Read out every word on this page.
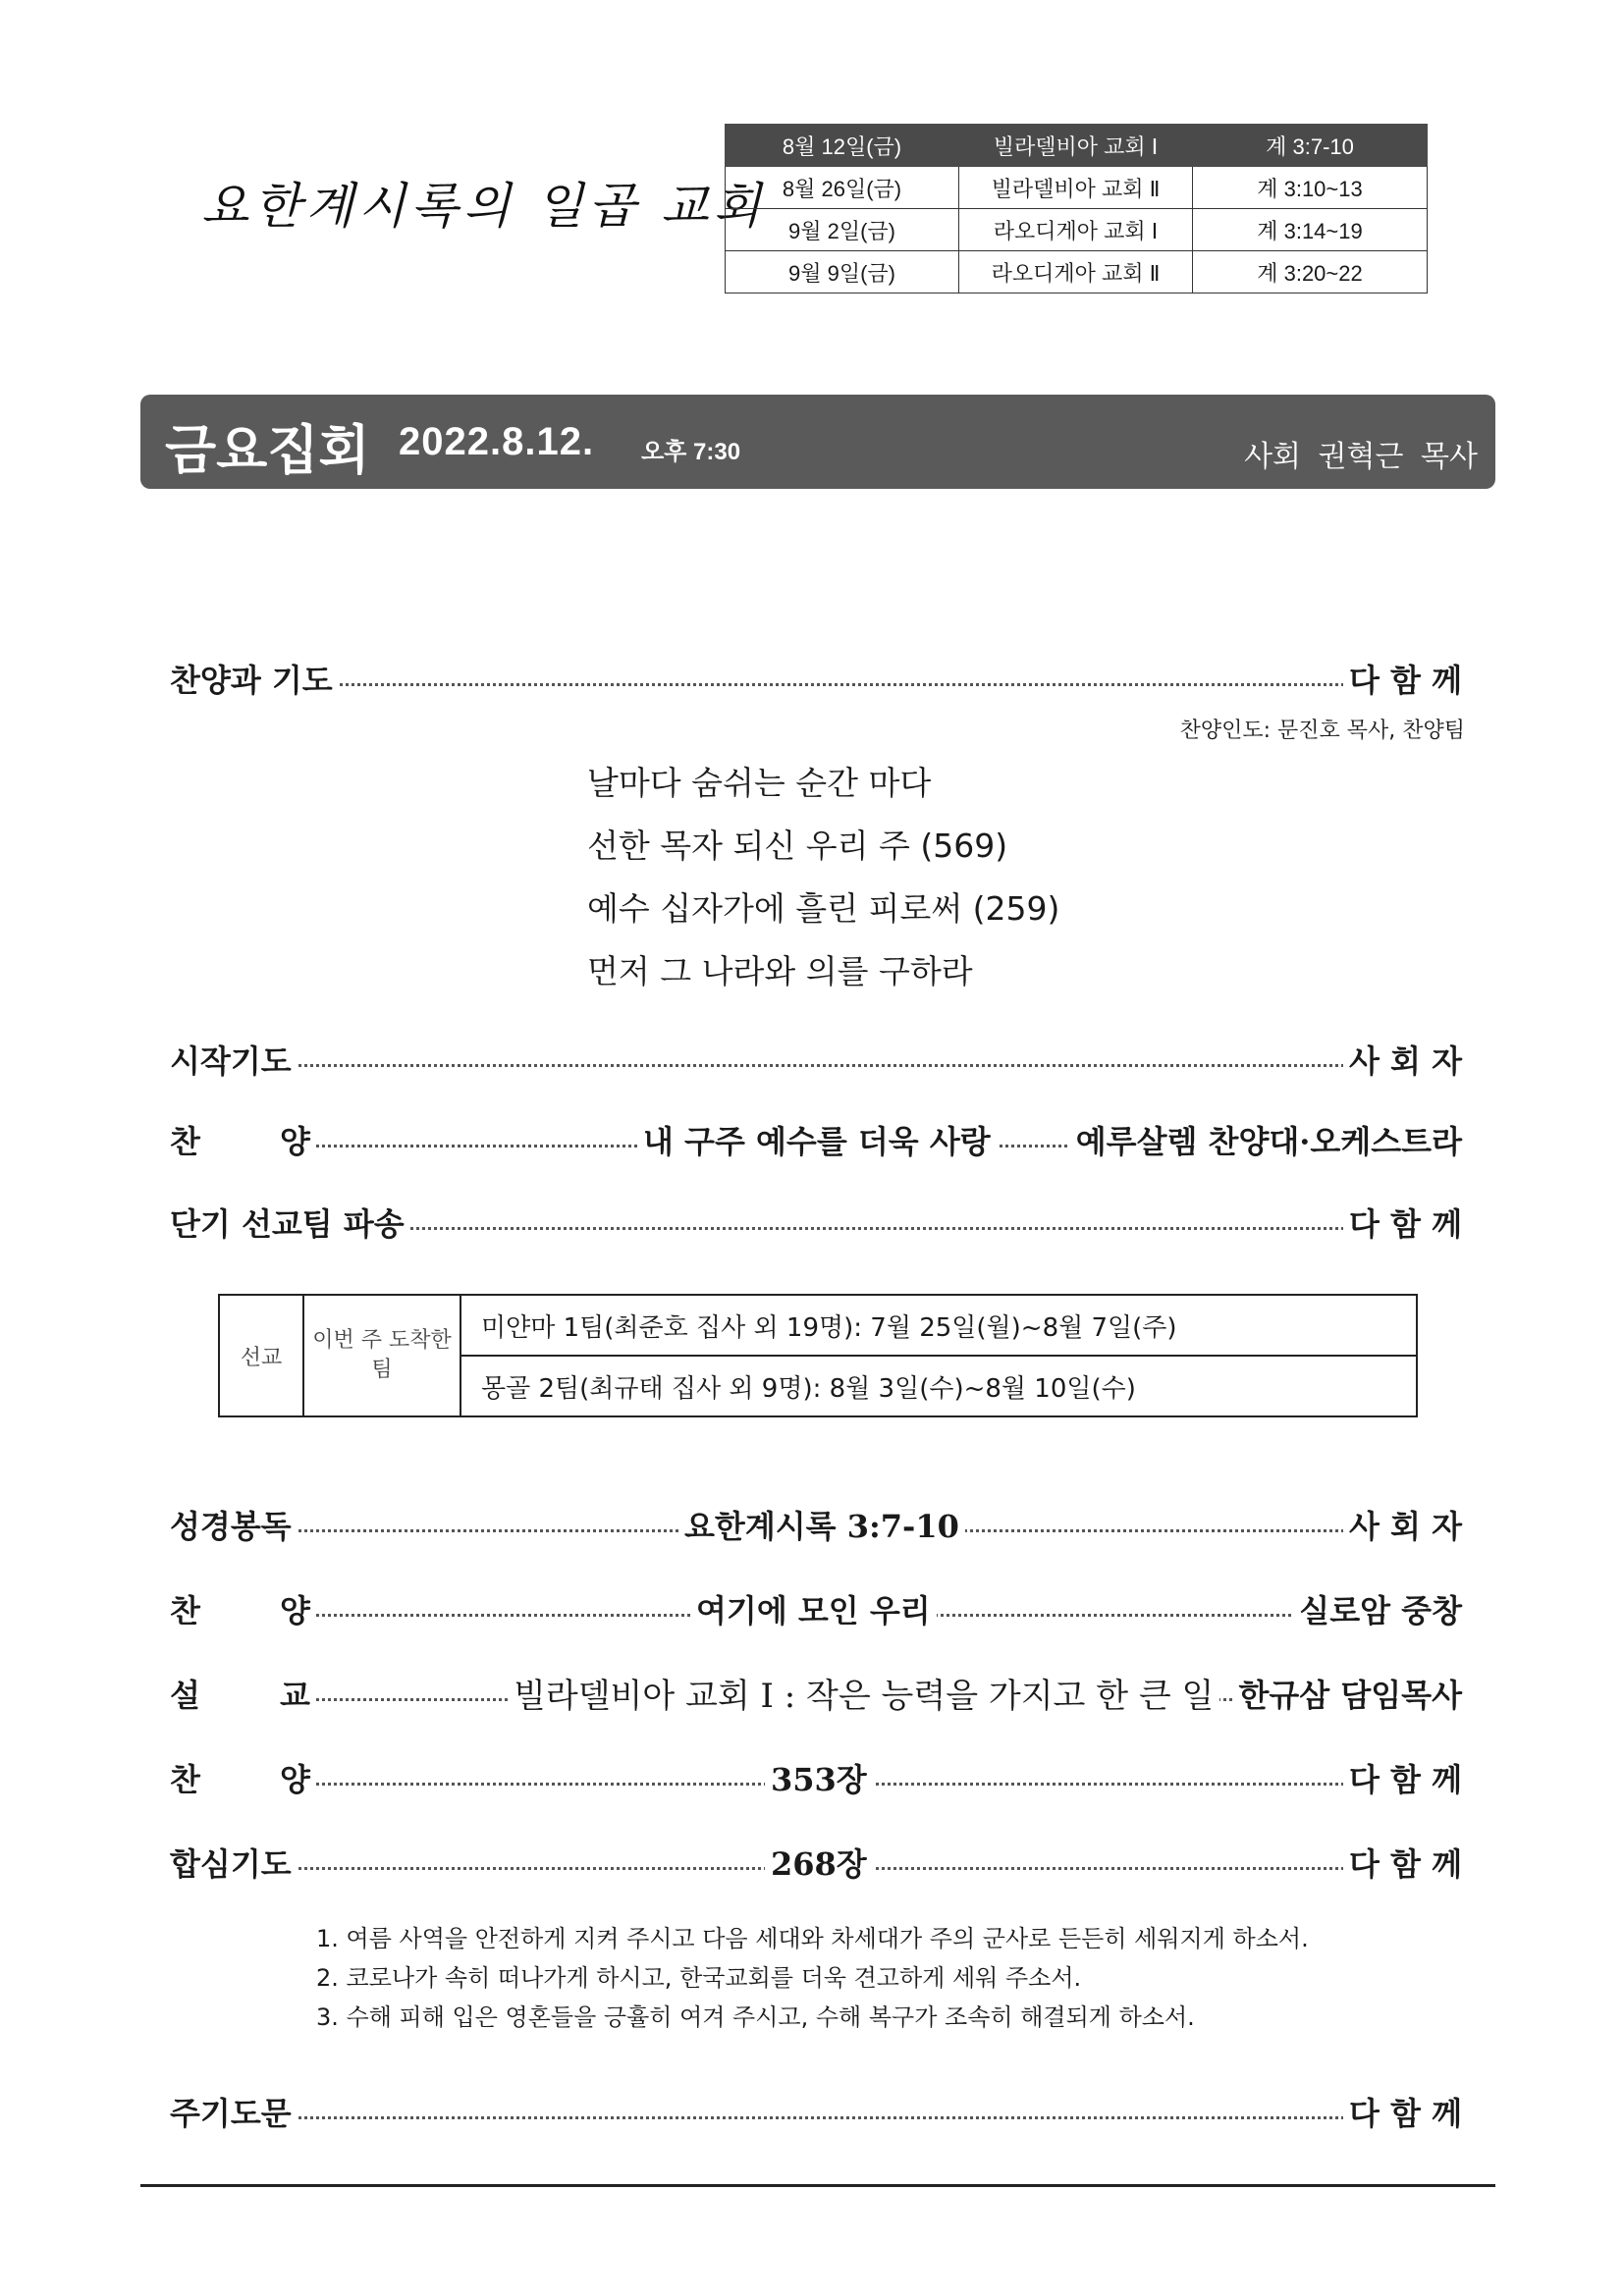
요한계시록의 일곱 교회
8월 12일(금)	빌라델비아 교회 Ⅰ	계 3:7-10
8월 26일(금)	빌라델비아 교회 Ⅱ	계 3:10~13
9월 2일(금)	라오디게아 교회 Ⅰ	계 3:14~19
9월 9일(금)	라오디게아 교회 Ⅱ	계 3:20~22
금요집회 2022.8.12. 오후 7:30	사회 권혁근 목사
찬양과 기도	다 함 께
찬양인도: 문진호 목사, 찬양팀
날마다 숨쉬는 순간 마다
선한 목자 되신 우리 주 (569)
예수 십자가에 흘린 피로써 (259)
먼저 그 나라와 의를 구하라
시작기도	사 회 자
찬 양	내 구주 예수를 더욱 사랑	예루살렘 찬양대·오케스트라
단기 선교팀 파송	다 함 께
선교	이번 주 도착한 팀	미얀마 1팀(최준호 집사 외 19명): 7월 25일(월)~8월 7일(주)
몽골 2팀(최규태 집사 외 9명): 8월 3일(수)~8월 10일(수)
성경봉독	요한계시록 3:7-10	사 회 자
찬 양	여기에 모인 우리	실로암 중창
설 교	빌라델비아 교회 I : 작은 능력을 가지고 한 큰 일 한규삼 담임목사
찬 양	353장	다 함 께
합심기도	268장	다 함 께
1. 여름 사역을 안전하게 지켜 주시고 다음 세대와 차세대가 주의 군사로 든든히 세워지게 하소서.
2. 코로나가 속히 떠나가게 하시고, 한국교회를 더욱 견고하게 세워 주소서.
3. 수해 피해 입은 영혼들을 긍휼히 여겨 주시고, 수해 복구가 조속히 해결되게 하소서.
주기도문	다 함 께
